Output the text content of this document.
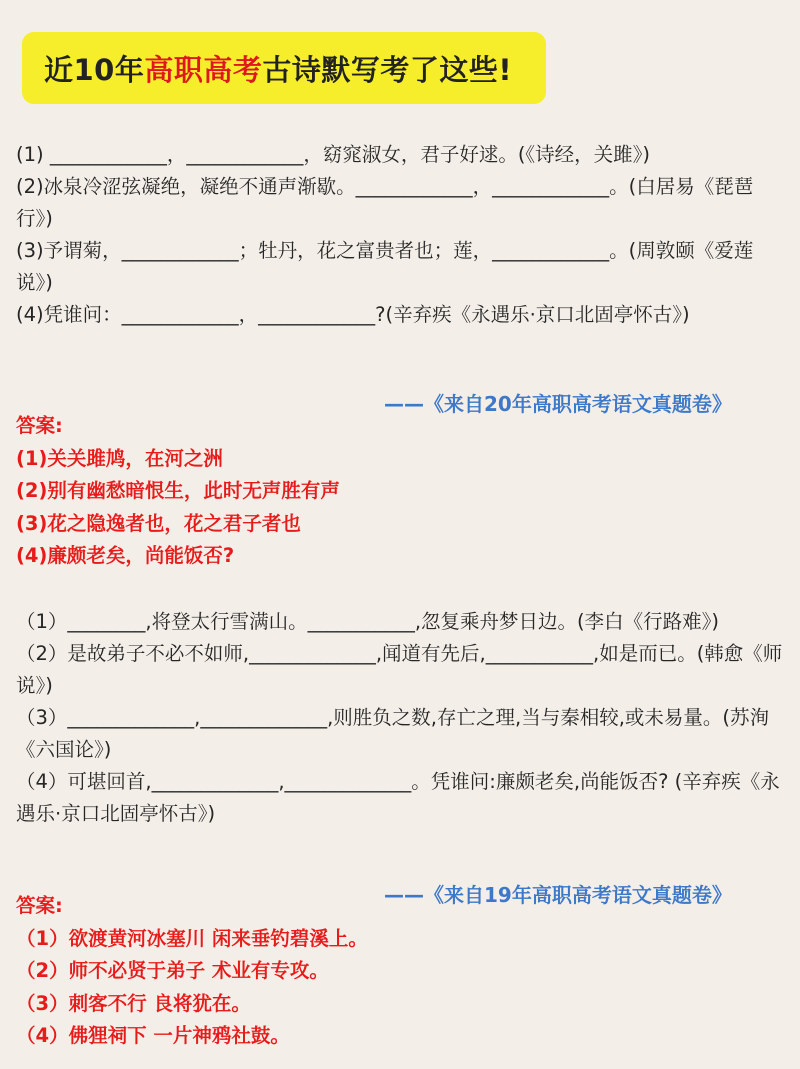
近10年 高职高考 古诗默写考了这些!

(1) ____________，____________，窈窕淑女，君子好逑。(《诗经，关雎》)

(2)冰泉冷涩弦凝绝，凝绝不通声渐歇。____________，____________。(白居易《琵琶行》)

(3)予谓菊，____________；牡丹，花之富贵者也；莲，____________。(周敦颐《爱莲说》)

(4)凭谁问：____________，____________?(辛弃疾《永遇乐·京口北固亭怀古》)

——《来自20年高职高考语文真题卷》

答案:

(1)关关雎鸠，在河之洲

(2)别有幽愁暗恨生，此时无声胜有声

(3)花之隐逸者也，花之君子者也

(4)廉颇老矣，尚能饭否?

（1）________,将登太行雪满山。___________,忽复乘舟梦日边。(李白《行路难》)

（2）是故弟子不必不如师,_____________,闻道有先后,___________,如是而已。(韩愈《师说》)

（3）_____________,_____________,则胜负之数,存亡之理,当与秦相较,或未易量。(苏洵《六国论》)

（4）可堪回首,_____________,_____________。凭谁问:廉颇老矣,尚能饭否? (辛弃疾《永遇乐·京口北固亭怀古》)

——《来自19年高职高考语文真题卷》

答案:

（1）欲渡黄河冰塞川 闲来垂钓碧溪上。

（2）师不必贤于弟子 术业有专攻。

（3）刺客不行 良将犹在。

（4）佛狸祠下 一片神鸦社鼓。
